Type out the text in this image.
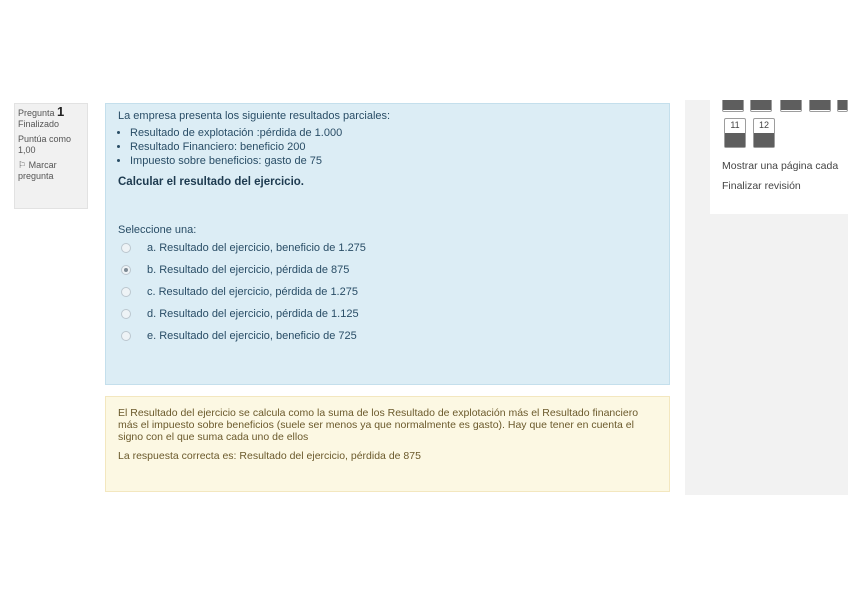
Pregunta 1
Finalizado
Puntúa como 1,00
⚐ Marcar pregunta
La empresa presenta los siguiente resultados parciales:
• Resultado de explotación :pérdida de 1.000
• Resultado Financiero: beneficio 200
• Impuesto sobre beneficios: gasto de 75
Calcular el resultado del ejercicio.
Seleccione una:
a. Resultado del ejercicio, beneficio de 1.275
b. Resultado del ejercicio, pérdida de 875
c. Resultado del ejercicio, pérdida de 1.275
d. Resultado del ejercicio, pérdida de 1.125
e. Resultado del ejercicio, beneficio de 725
El Resultado del ejercicio se calcula como la suma de los Resultado de explotación más el Resultado financiero más el impuesto sobre beneficios (suele ser menos ya que normalmente es gasto). Hay que tener en cuenta el signo con el que suma cada uno de ellos
La respuesta correcta es: Resultado del ejercicio, pérdida de 875
11	12
Mostrar una página cada
Finalizar revisión
